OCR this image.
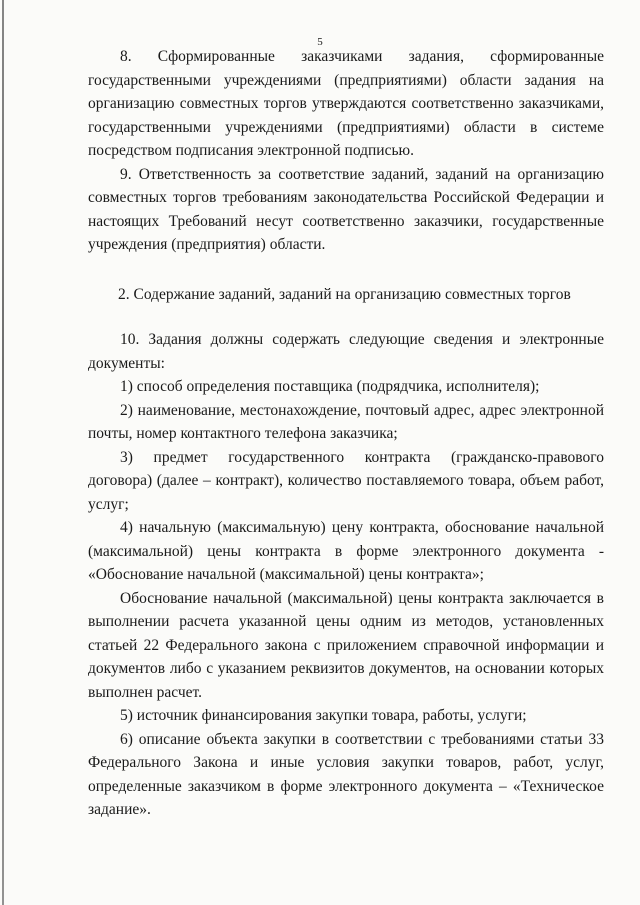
5

8. Сформированные заказчиками задания, сформированные государственными учреждениями (предприятиями) области задания на организацию совместных торгов утверждаются соответственно заказчиками, государственными учреждениями (предприятиями) области в системе посредством подписания электронной подписью.

9. Ответственность за соответствие заданий, заданий на организацию совместных торгов требованиям законодательства Российской Федерации и настоящих Требований несут соответственно заказчики, государственные учреждения (предприятия) области.

2. Содержание заданий, заданий на организацию совместных торгов

10. Задания должны содержать следующие сведения и электронные документы:

1) способ определения поставщика (подрядчика, исполнителя);

2) наименование, местонахождение, почтовый адрес, адрес электронной почты, номер контактного телефона заказчика;

3) предмет государственного контракта (гражданско-правового договора) (далее – контракт), количество поставляемого товара, объем работ, услуг;

4) начальную (максимальную) цену контракта, обоснование начальной (максимальной) цены контракта в форме электронного документа - «Обоснование начальной (максимальной) цены контракта»;

Обоснование начальной (максимальной) цены контракта заключается в выполнении расчета указанной цены одним из методов, установленных статьей 22 Федерального закона с приложением справочной информации и документов либо с указанием реквизитов документов, на основании которых выполнен расчет.

5) источник финансирования закупки товара, работы, услуги;

6) описание объекта закупки в соответствии с требованиями статьи 33 Федерального Закона и иные условия закупки товаров, работ, услуг, определенные заказчиком в форме электронного документа – «Техническое задание».
